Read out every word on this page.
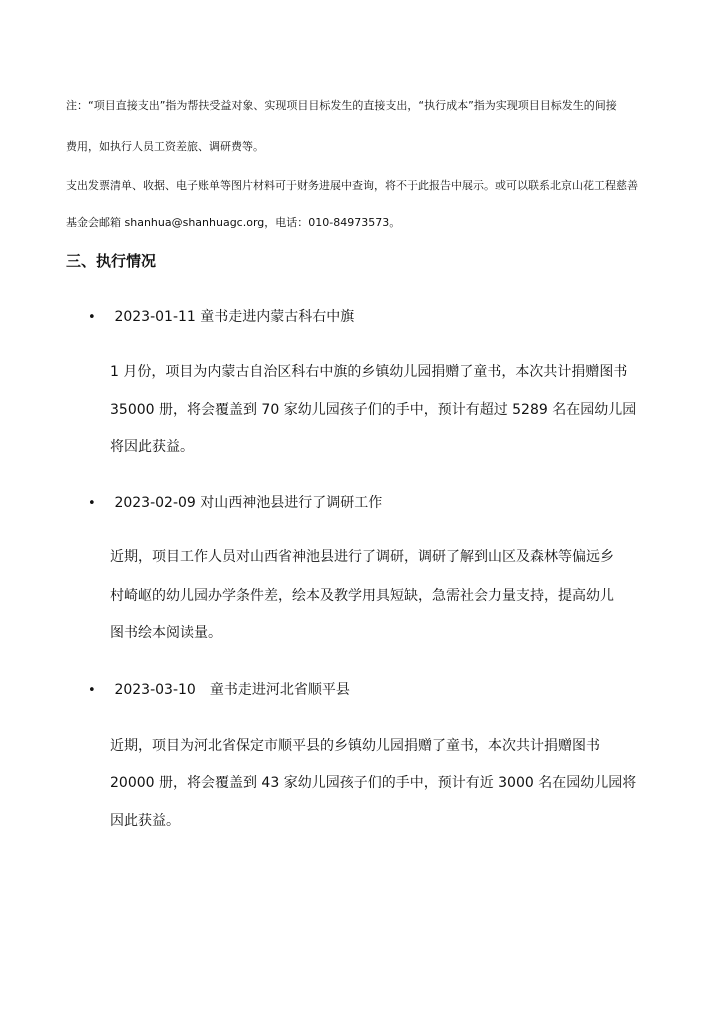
注：“项目直接支出”指为帮扶受益对象、实现项目目标发生的直接支出，“执行成本”指为实现项目目标发生的间接
费用，如执行人员工资差旅、调研费等。
支出发票清单、收据、电子账单等图片材料可于财务进展中查询，将不于此报告中展示。或可以联系北京山花工程慈善
基金会邮箱 shanhua@shanhuagc.org，电话：010-84973573。
三、执行情况
• 2023-01-11 童书走进内蒙古科右中旗
1 月份，项目为内蒙古自治区科右中旗的乡镇幼儿园捐赠了童书，本次共计捐赠图书
35000 册，将会覆盖到 70 家幼儿园孩子们的手中，预计有超过 5289 名在园幼儿园
将因此获益。
• 2023-02-09 对山西神池县进行了调研工作
近期，项目工作人员对山西省神池县进行了调研，调研了解到山区及森林等偏远乡
村崎岖的幼儿园办学条件差，绘本及教学用具短缺，急需社会力量支持，提高幼儿
图书绘本阅读量。
• 2023-03-10　童书走进河北省顺平县
近期，项目为河北省保定市顺平县的乡镇幼儿园捐赠了童书，本次共计捐赠图书
20000 册，将会覆盖到 43 家幼儿园孩子们的手中，预计有近 3000 名在园幼儿园将
因此获益。
